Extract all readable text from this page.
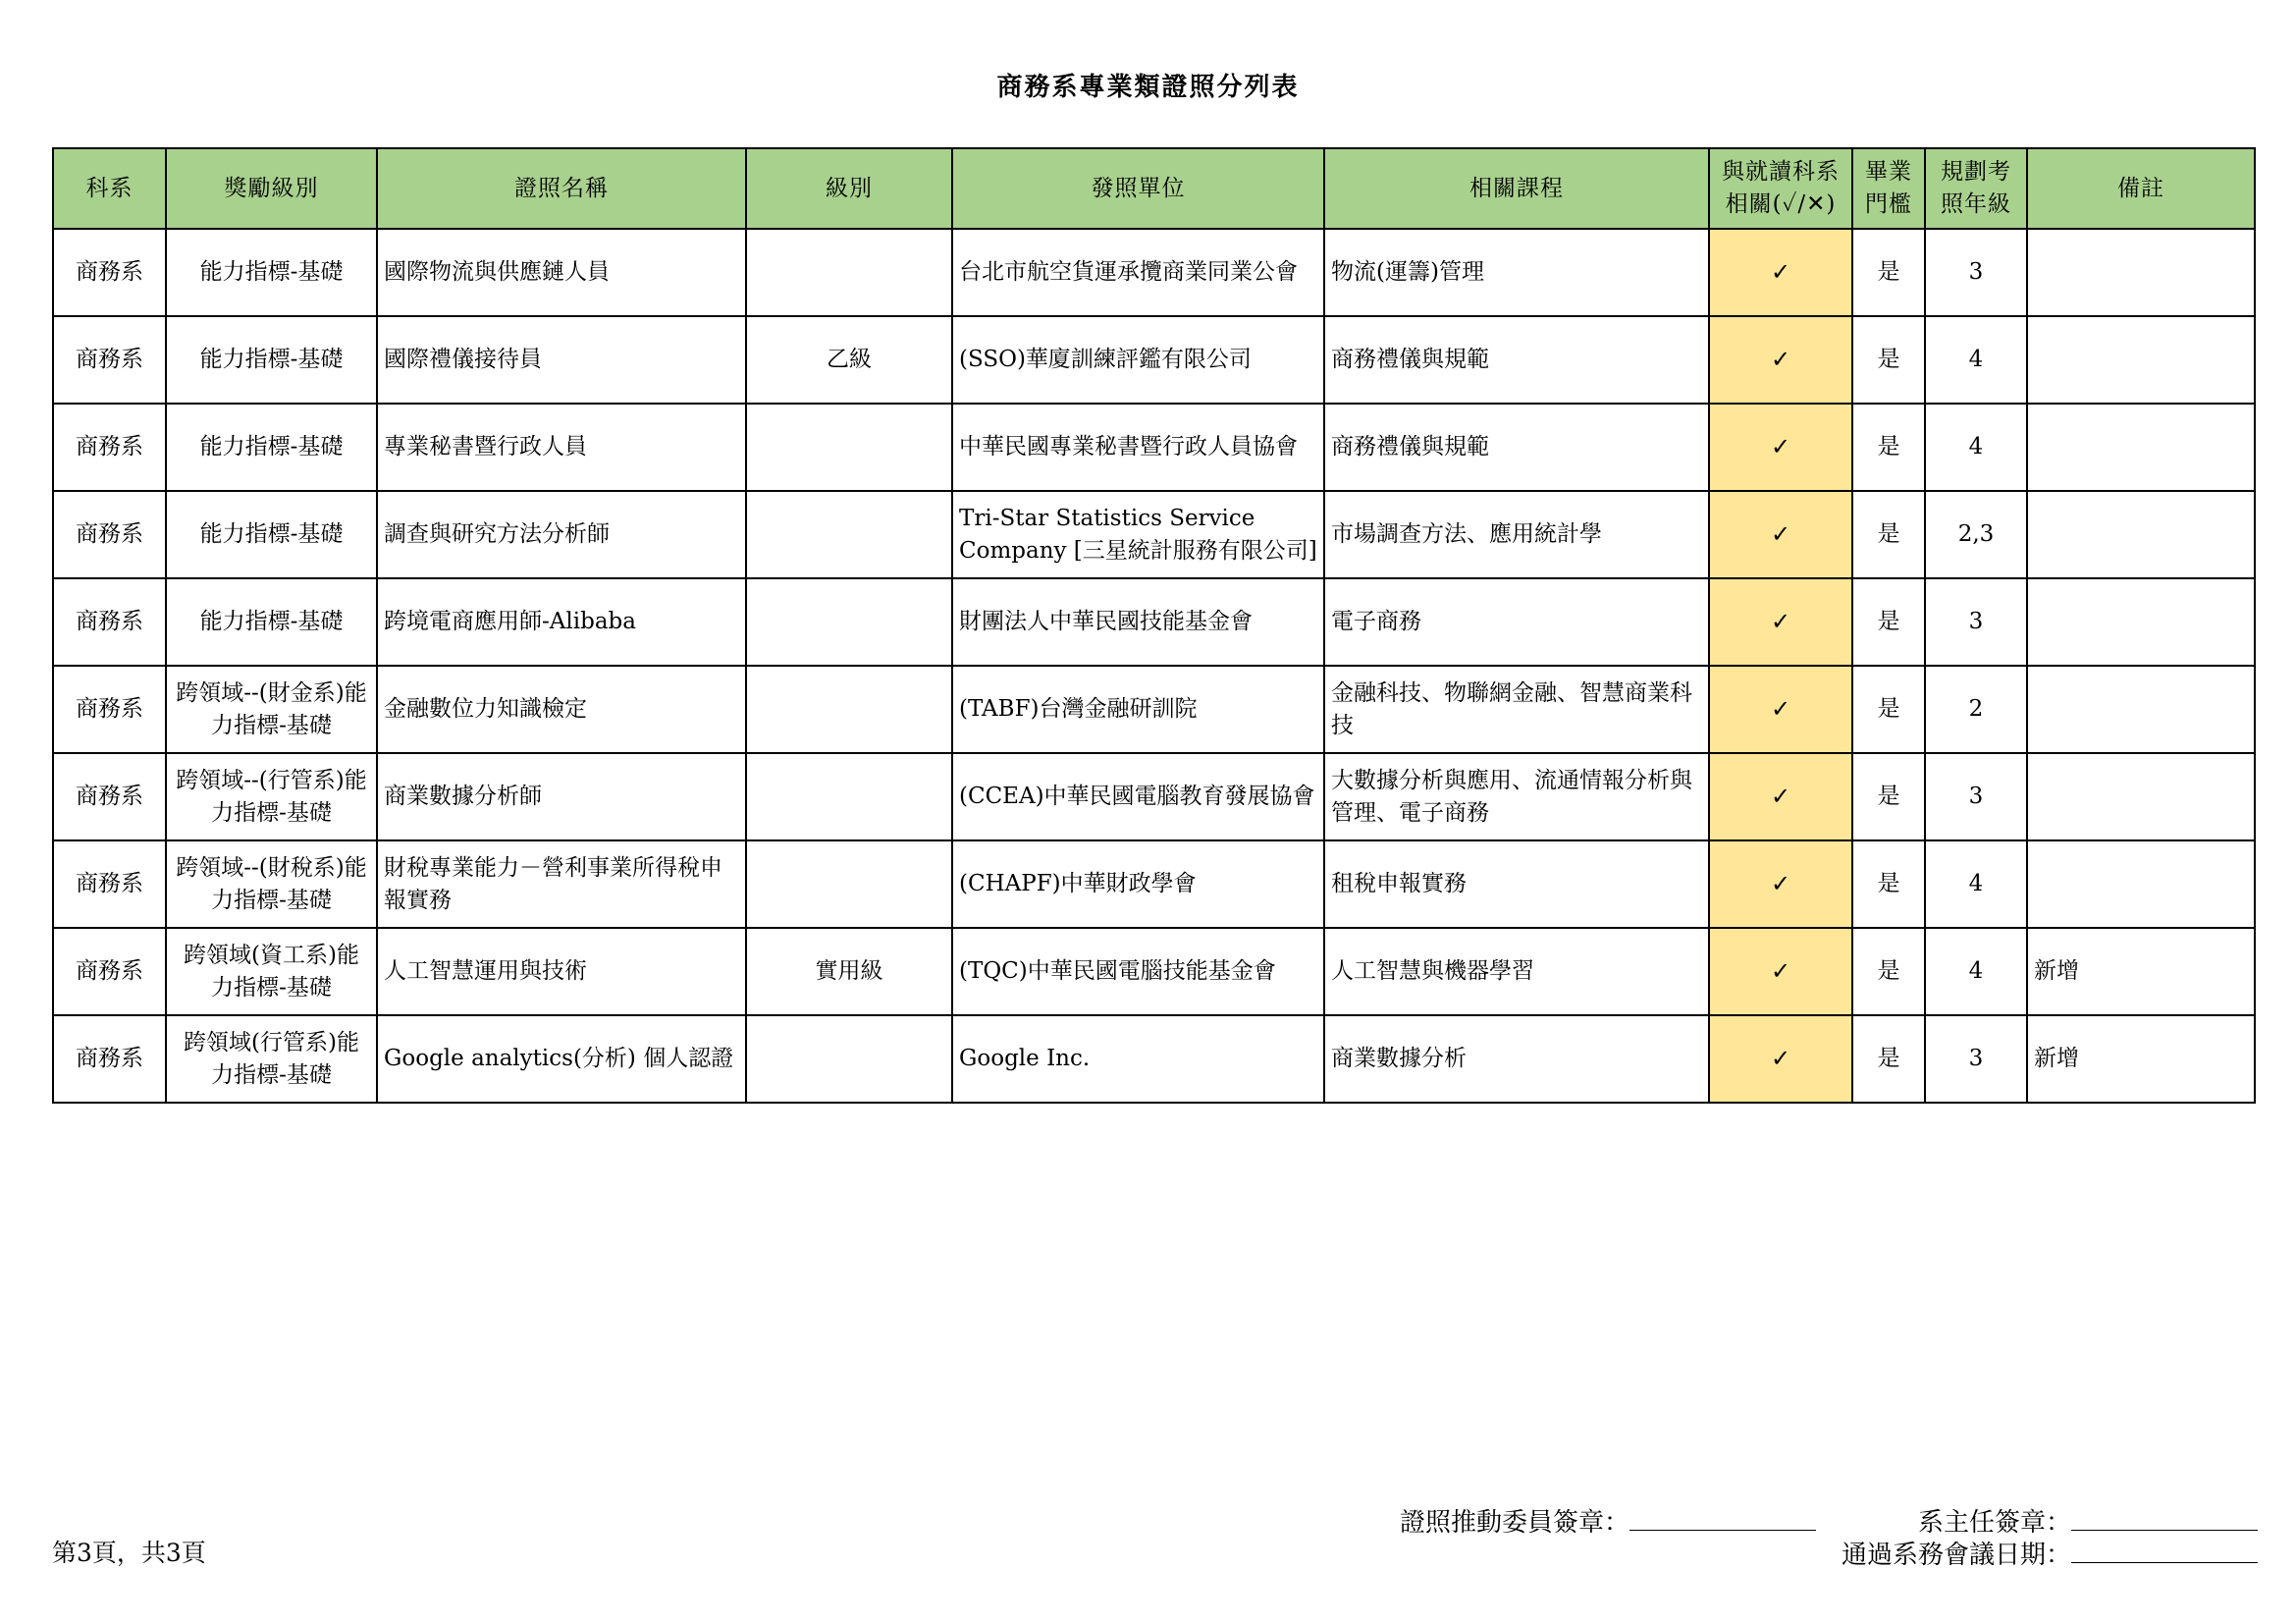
商務系專業類證照分列表
科系	獎勵級別	證照名稱	級別	發照單位	相關課程	與就讀科系相關(✓/✕)	畢業門檻	規劃考照年級	備註
商務系	能力指標-基礎	國際物流與供應鏈人員		台北市航空貨運承攬商業同業公會	物流(運籌)管理	✓	是	3	
商務系	能力指標-基礎	國際禮儀接待員	乙級	(SSO)華廈訓練評鑑有限公司	商務禮儀與規範	✓	是	4	
商務系	能力指標-基礎	專業秘書暨行政人員		中華民國專業秘書暨行政人員協會	商務禮儀與規範	✓	是	4	
商務系	能力指標-基礎	調查與研究方法分析師		Tri-Star Statistics Service Company [三星統計服務有限公司]	市場調查方法、應用統計學	✓	是	2,3	
商務系	能力指標-基礎	跨境電商應用師-Alibaba		財團法人中華民國技能基金會	電子商務	✓	是	3	
商務系	跨領域--(財金系)能力指標-基礎	金融數位力知識檢定		(TABF)台灣金融研訓院	金融科技、物聯網金融、智慧商業科技	✓	是	2	
商務系	跨領域--(行管系)能力指標-基礎	商業數據分析師		(CCEA)中華民國電腦教育發展協會	大數據分析與應用、流通情報分析與管理、電子商務	✓	是	3	
商務系	跨領域--(財稅系)能力指標-基礎	財稅專業能力－營利事業所得稅申報實務		(CHAPF)中華財政學會	租稅申報實務	✓	是	4	
商務系	跨領域(資工系)能力指標-基礎	人工智慧運用與技術	實用級	(TQC)中華民國電腦技能基金會	人工智慧與機器學習	✓	是	4	新增
商務系	跨領域(行管系)能力指標-基礎	Google analytics(分析) 個人認證		Google Inc.	商業數據分析	✓	是	3	新增
第3頁，共3頁
證照推動委員簽章：	系主任簽章：
通過系務會議日期：
